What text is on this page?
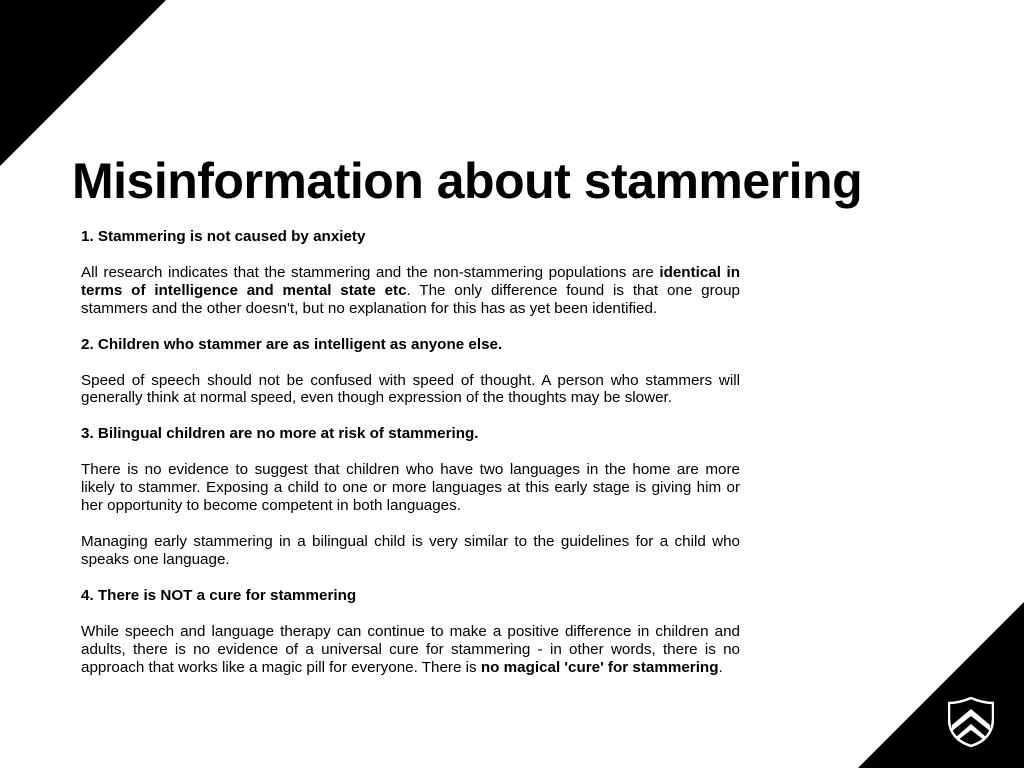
Misinformation about stammering

1. Stammering is not caused by anxiety

All research indicates that the stammering and the non-stammering populations are identical in terms of intelligence and mental state etc. The only difference found is that one group stammers and the other doesn't, but no explanation for this has as yet been identified.

2. Children who stammer are as intelligent as anyone else.

Speed of speech should not be confused with speed of thought. A person who stammers will generally think at normal speed, even though expression of the thoughts may be slower.

3. Bilingual children are no more at risk of stammering.

There is no evidence to suggest that children who have two languages in the home are more likely to stammer. Exposing a child to one or more languages at this early stage is giving him or her opportunity to become competent in both languages.

Managing early stammering in a bilingual child is very similar to the guidelines for a child who speaks one language.

4. There is NOT a cure for stammering

While speech and language therapy can continue to make a positive difference in children and adults, there is no evidence of a universal cure for stammering - in other words, there is no approach that works like a magic pill for everyone. There is no magical 'cure' for stammering.
